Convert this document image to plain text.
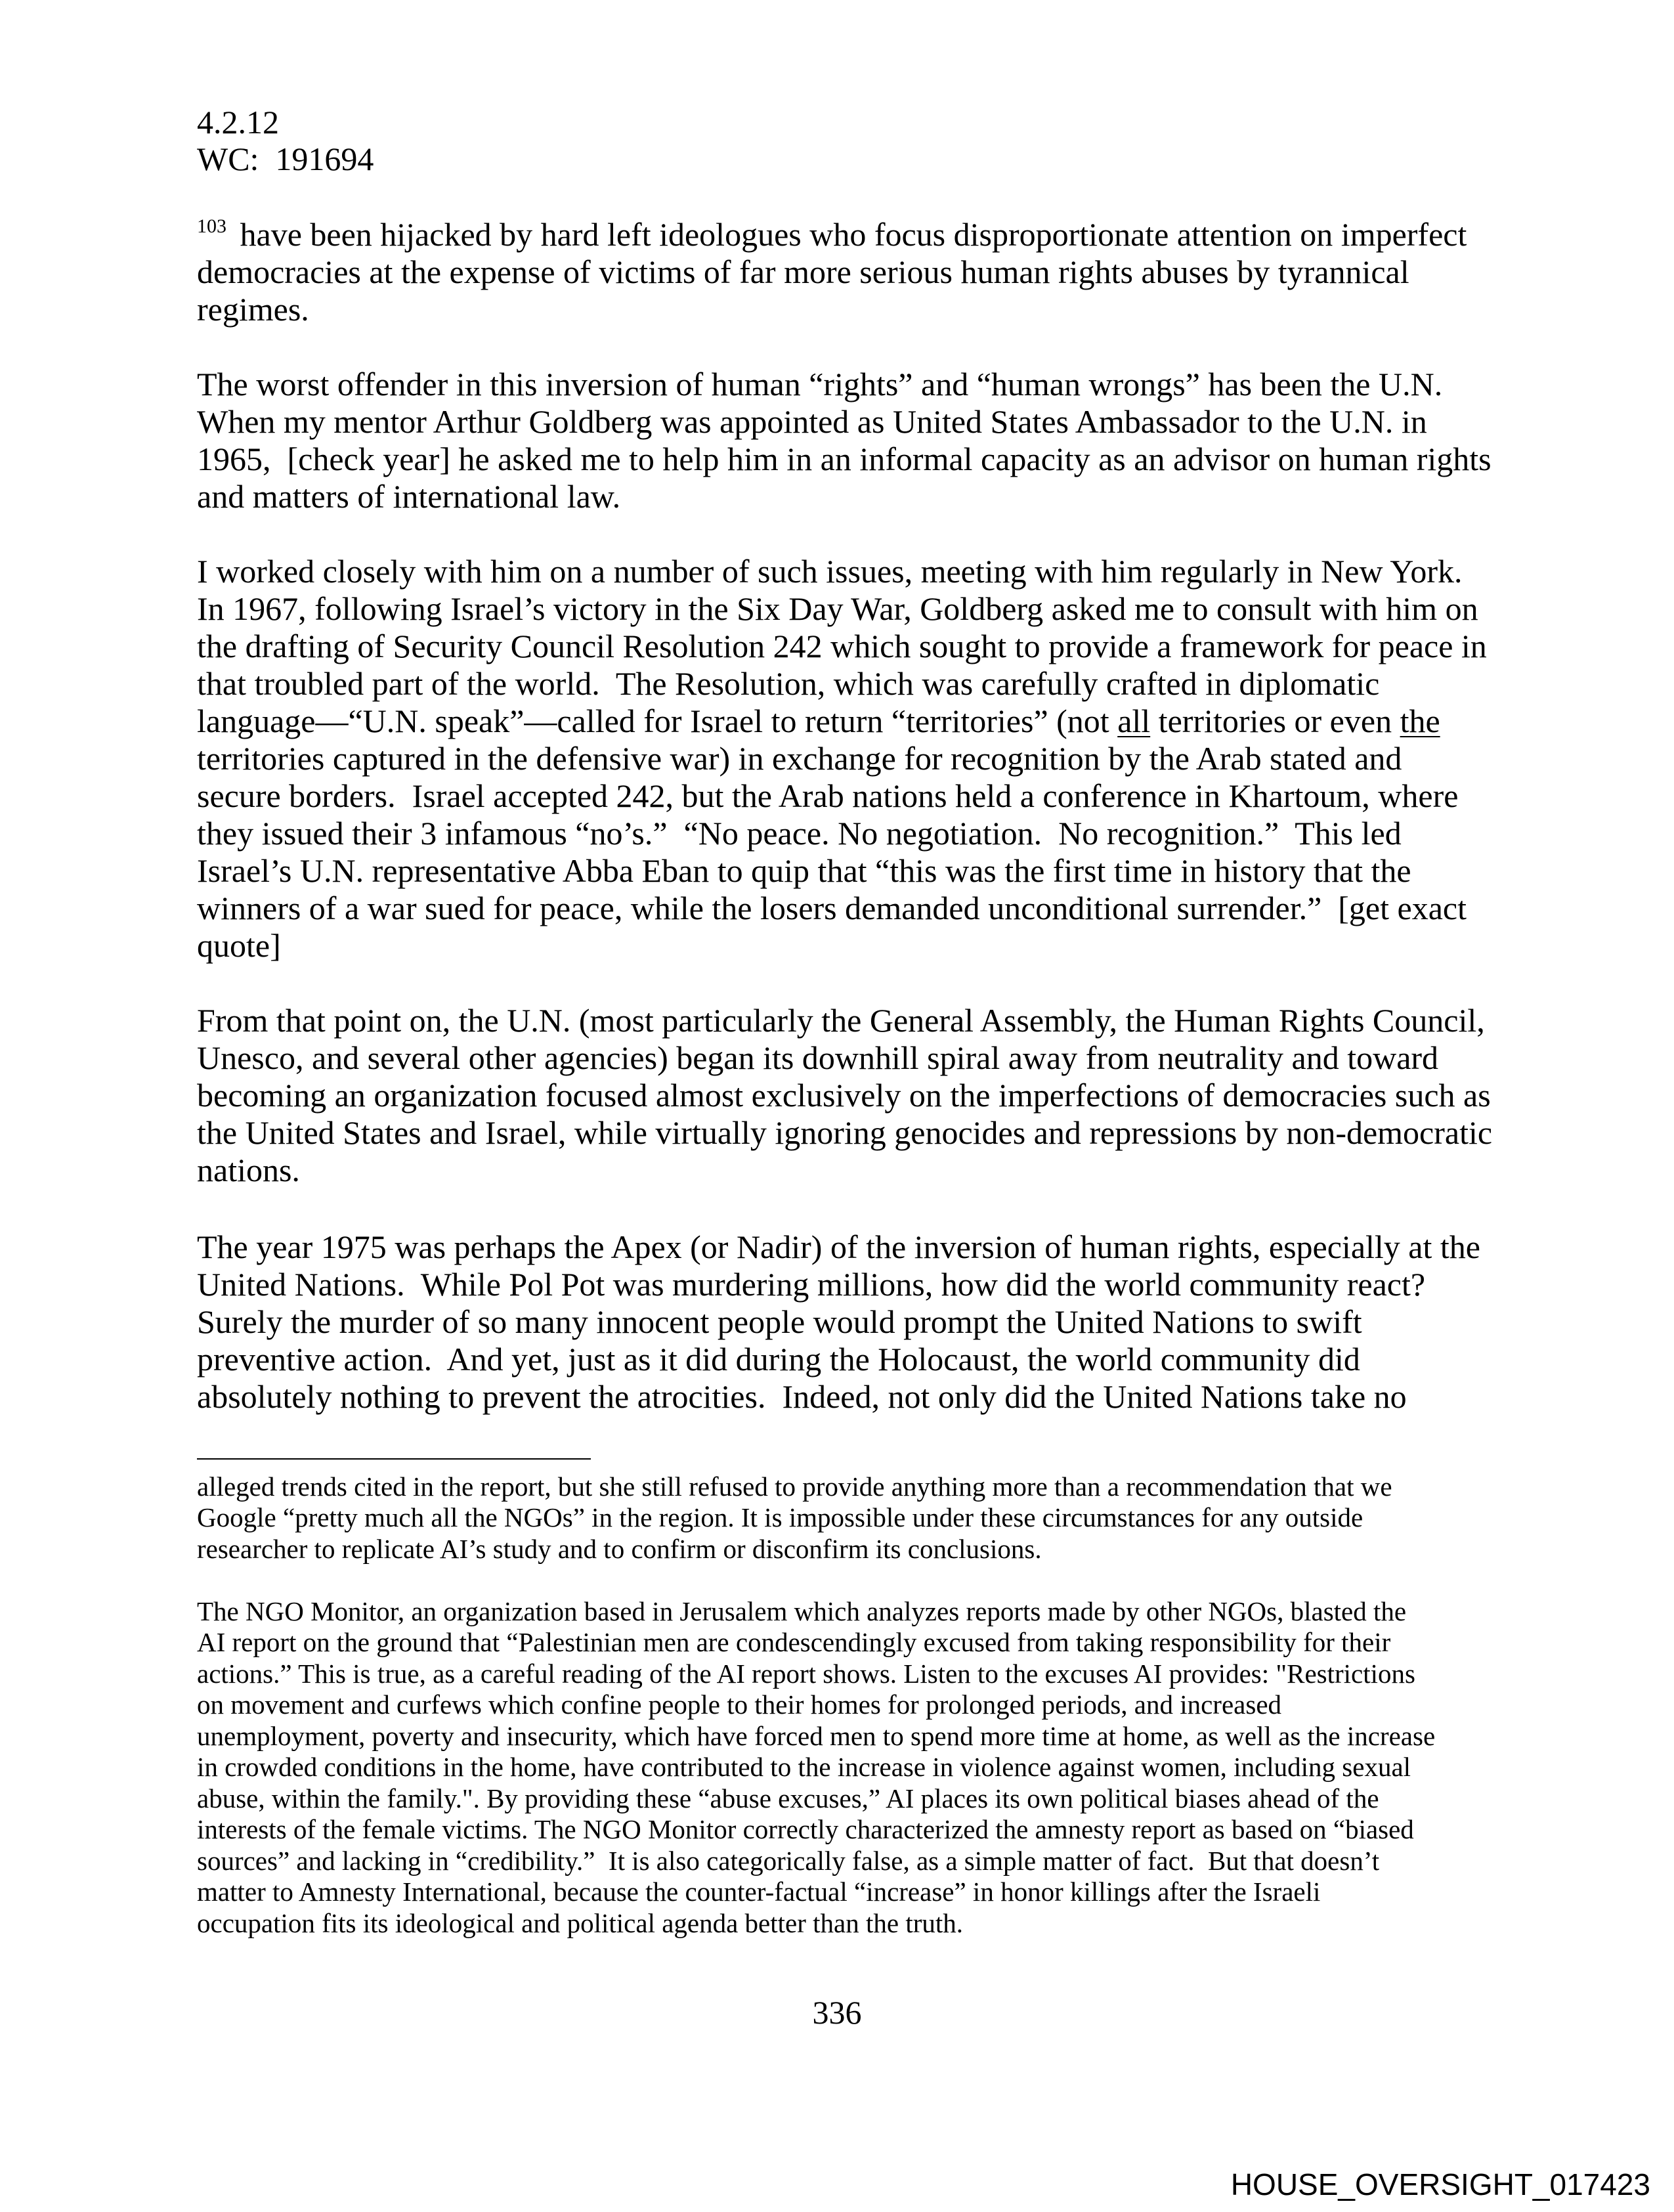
4.2.12
WC:  191694
$^{103}$ have been hijacked by hard left ideologues who focus disproportionate attention on imperfect
democracies at the expense of victims of far more serious human rights abuses by tyrannical
regimes.
The worst offender in this inversion of human “rights” and “human wrongs” has been the U.N.
When my mentor Arthur Goldberg was appointed as United States Ambassador to the U.N. in
1965,  [check year] he asked me to help him in an informal capacity as an advisor on human rights
and matters of international law.
I worked closely with him on a number of such issues, meeting with him regularly in New York.
In 1967, following Israel’s victory in the Six Day War, Goldberg asked me to consult with him on
the drafting of Security Council Resolution 242 which sought to provide a framework for peace in
that troubled part of the world.  The Resolution, which was carefully crafted in diplomatic
language—“U.N. speak”—called for Israel to return “territories” (not all territories or even the
territories captured in the defensive war) in exchange for recognition by the Arab stated and
secure borders.  Israel accepted 242, but the Arab nations held a conference in Khartoum, where
they issued their 3 infamous “no’s.”  “No peace. No negotiation.  No recognition.”  This led
Israel’s U.N. representative Abba Eban to quip that “this was the first time in history that the
winners of a war sued for peace, while the losers demanded unconditional surrender.”  [get exact
quote]
From that point on, the U.N. (most particularly the General Assembly, the Human Rights Council,
Unesco, and several other agencies) began its downhill spiral away from neutrality and toward
becoming an organization focused almost exclusively on the imperfections of democracies such as
the United States and Israel, while virtually ignoring genocides and repressions by non-democratic
nations.
The year 1975 was perhaps the Apex (or Nadir) of the inversion of human rights, especially at the
United Nations.  While Pol Pot was murdering millions, how did the world community react?
Surely the murder of so many innocent people would prompt the United Nations to swift
preventive action.  And yet, just as it did during the Holocaust, the world community did
absolutely nothing to prevent the atrocities.  Indeed, not only did the United Nations take no
alleged trends cited in the report, but she still refused to provide anything more than a recommendation that we
Google “pretty much all the NGOs” in the region. It is impossible under these circumstances for any outside
researcher to replicate AI’s study and to confirm or disconfirm its conclusions.
The NGO Monitor, an organization based in Jerusalem which analyzes reports made by other NGOs, blasted the
AI report on the ground that “Palestinian men are condescendingly excused from taking responsibility for their
actions.” This is true, as a careful reading of the AI report shows. Listen to the excuses AI provides: "Restrictions
on movement and curfews which confine people to their homes for prolonged periods, and increased
unemployment, poverty and insecurity, which have forced men to spend more time at home, as well as the increase
in crowded conditions in the home, have contributed to the increase in violence against women, including sexual
abuse, within the family.". By providing these “abuse excuses,” AI places its own political biases ahead of the
interests of the female victims. The NGO Monitor correctly characterized the amnesty report as based on “biased
sources” and lacking in “credibility.”  It is also categorically false, as a simple matter of fact.  But that doesn’t
matter to Amnesty International, because the counter-factual “increase” in honor killings after the Israeli
occupation fits its ideological and political agenda better than the truth.
336
HOUSE_OVERSIGHT_017423
